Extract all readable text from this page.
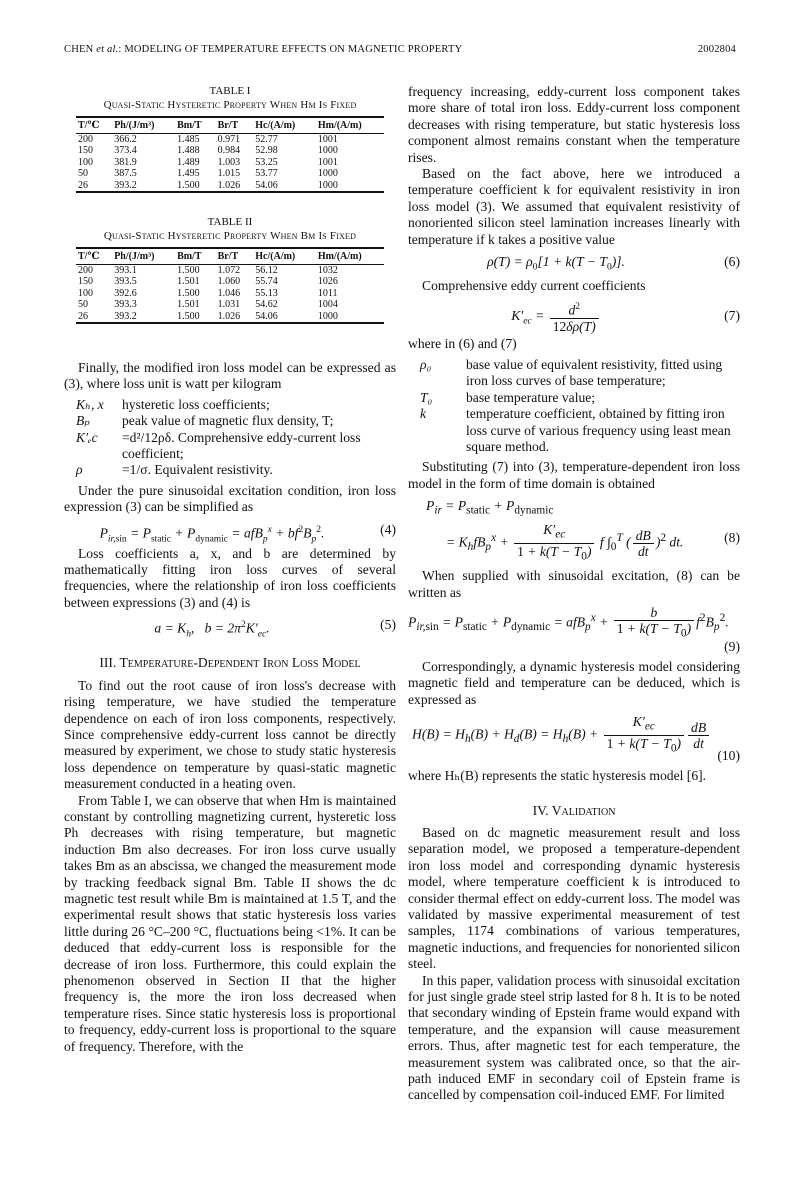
CHEN et al.: MODELING OF TEMPERATURE EFFECTS ON MAGNETIC PROPERTY	2002804
TABLE I
Quasi-Static Hysteretic Property When Hm Is Fixed
T/℃	Ph/(J/m³)	Bm/T	Br/T	Hc/(A/m)	Hm/(A/m)
200	366.2	1.485	0.971	52.77	1001
150	373.4	1.488	0.984	52.98	1000
100	381.9	1.489	1.003	53.25	1001
50	387.5	1.495	1.015	53.77	1000
26	393.2	1.500	1.026	54.06	1000
TABLE II
Quasi-Static Hysteretic Property When Bm Is Fixed
T/℃	Ph/(J/m³)	Bm/T	Br/T	Hc/(A/m)	Hm/(A/m)
200	393.1	1.500	1.072	56.12	1032
150	393.5	1.501	1.060	55.74	1026
100	392.6	1.500	1.046	55.13	1011
50	393.3	1.501	1.031	54.62	1004
26	393.2	1.500	1.026	54.06	1000

Finally, the modified iron loss model can be expressed as (3), where loss unit is watt per kilogram

Kₕ, x	hysteretic loss coefficients;
Bₚ	peak value of magnetic flux density, T;
K′ₑc	=d²/12ρδ. Comprehensive eddy-current loss coefficient;
ρ	=1/σ. Equivalent resistivity.

Under the pure sinusoidal excitation condition, iron loss expression (3) can be simplified as

$P_{ir,sin} = P_{static} + P_{dynamic} = afB_p^x + bf^2B_p^2$.	(4)

Loss coefficients a, x, and b are determined by mathematically fitting iron loss curves of several frequencies, where the relationship of iron loss coefficients between expressions (3) and (4) is

$a = K_h$,   $b = 2\pi^2K'_{ec}$.	(5)
III. Temperature-Dependent Iron Loss Model

To find out the root cause of iron loss's decrease with rising temperature, we have studied the temperature dependence on each of iron loss components, respectively. Since comprehensive eddy-current loss cannot be directly measured by experiment, we chose to study static hysteresis loss dependence on temperature by quasi-static magnetic measurement conducted in a heating oven.

From Table I, we can observe that when Hm is maintained constant by controlling magnetizing current, hysteretic loss Ph decreases with rising temperature, but magnetic induction Bm also decreases. For iron loss curve usually takes Bm as an abscissa, we changed the measurement mode by tracking feedback signal Bm. Table II shows the dc magnetic test result while Bm is maintained at 1.5 T, and the experimental result shows that static hysteresis loss varies little during 26 °C–200 °C, fluctuations being <1%. It can be deduced that eddy-current loss is responsible for the decrease of iron loss. Furthermore, this could explain the phenomenon observed in Section II that the higher frequency is, the more the iron loss decreased when temperature rises. Since static hysteresis loss is proportional to frequency, eddy-current loss is proportional to the square of frequency. Therefore, with the

frequency increasing, eddy-current loss component takes more share of total iron loss. Eddy-current loss component decreases with rising temperature, but static hysteresis loss component almost remains constant when the temperature rises.

Based on the fact above, here we introduced a temperature coefficient k for equivalent resistivity in iron loss model (3). We assumed that equivalent resistivity of nonoriented silicon steel lamination increases linearly with temperature if k takes a positive value

$\rho(T) = \rho_0[1 + k(T - T_0)]$.	(6)

Comprehensive eddy current coefficients

$K'_{ec} = \frac{d^2}{12\delta\rho(T)}$	(7)

where in (6) and (7)

ρ₀	base value of equivalent resistivity, fitted using iron loss curves of base temperature;
T₀	base temperature value;
k	temperature coefficient, obtained by fitting iron loss curve of various frequency using least mean square method.

Substituting (7) into (3), temperature-dependent iron loss model in the form of time domain is obtained

$P_{ir} = P_{static} + P_{dynamic}$
= $K_hfB_p^x + \frac{K'_{ec}}{1 + k(T - T_0)}$ f $\int_0^T$ ( $\frac{dB}{dt} )^2$ dt.	(8)

When supplied with sinusoidal excitation, (8) can be written as

$P_{ir,sin} = P_{static} + P_{dynamic} = afB_p^x + \frac{b}{1 + k(T - T_0)} f^2B_p^2$.
(9)

Correspondingly, a dynamic hysteresis model considering magnetic field and temperature can be deduced, which is expressed as

$H(B) = H_h(B) + H_d(B) = H_h(B) + \frac{K'_{ec}}{1 + k(T - T_0)} \frac{dB}{dt}$
(10)

where Hₕ(B) represents the static hysteresis model [6].

IV. Validation

Based on dc magnetic measurement result and loss separation model, we proposed a temperature-dependent iron loss model and corresponding dynamic hysteresis model, where temperature coefficient k is introduced to consider thermal effect on eddy-current loss. The model was validated by massive experimental measurement of test samples, 1174 combinations of various temperatures, magnetic inductions, and frequencies for nonoriented silicon steel.

In this paper, validation process with sinusoidal excitation for just single grade steel strip lasted for 8 h. It is to be noted that secondary winding of Epstein frame would expand with temperature, and the expansion will cause measurement errors. Thus, after magnetic test for each temperature, the measurement system was calibrated once, so that the air-path induced EMF in secondary coil of Epstein frame is cancelled by compensation coil-induced EMF. For limited
